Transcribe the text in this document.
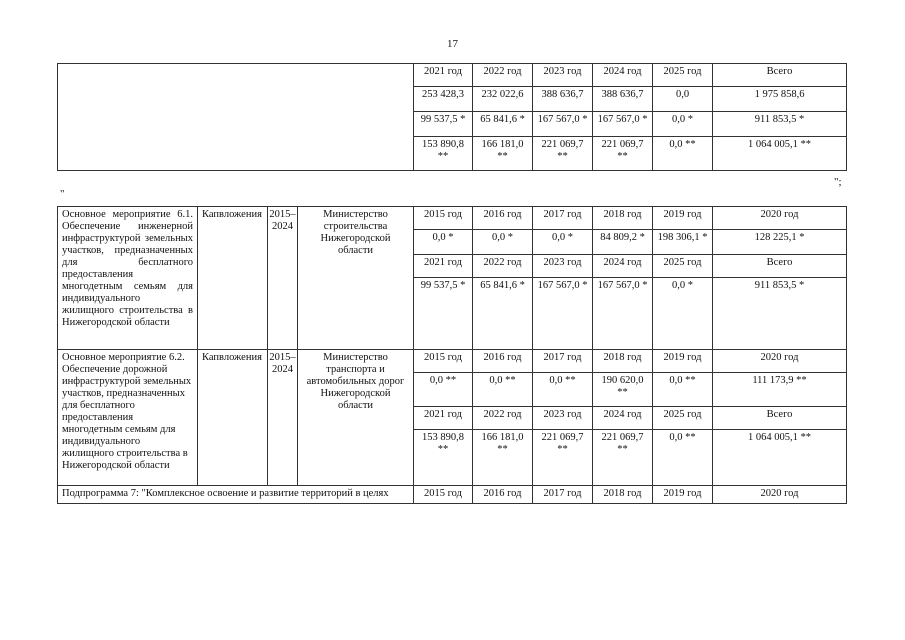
17
	2021 год	2022 год	2023 год	2024 год	2025 год	Всего
	253 428,3	232 022,6	388 636,7	388 636,7	0,0	1 975 858,6
	99 537,5 *	65 841,6 *	167 567,0 *	167 567,0 *	0,0 *	911 853,5 *
	153 890,8 **	166 181,0 **	221 069,7 **	221 069,7 **	0,0 **	1 064 005,1 **
";
"
Основное мероприятие 6.1. Обеспечение инженерной инфраструктурой земельных участков, предназначенных для бесплатного предоставления многодетным семьям для индивидуального жилищного строительства в Нижегородской области	Капвложения	2015–2024	Министерство строительства Нижегородской области	2015 год	2016 год	2017 год	2018 год	2019 год	2020 год
				0,0 *	0,0 *	0,0 *	84 809,2 *	198 306,1 *	128 225,1 *
				2021 год	2022 год	2023 год	2024 год	2025 год	Всего
				99 537,5 *	65 841,6 *	167 567,0 *	167 567,0 *	0,0 *	911 853,5 *
Основное мероприятие 6.2. Обеспечение дорожной инфраструктурой земельных участков, предназначенных для бесплатного предоставления многодетным семьям для индивидуального жилищного строительства в Нижегородской области	Капвложения	2015–2024	Министерство транспорта и автомобильных дорог Нижегородской области	2015 год	2016 год	2017 год	2018 год	2019 год	2020 год
				0,0 **	0,0 **	0,0 **	190 620,0 **	0,0 **	111 173,9 **
				2021 год	2022 год	2023 год	2024 год	2025 год	Всего
				153 890,8 **	166 181,0 **	221 069,7 **	221 069,7 **	0,0 **	1 064 005,1 **
Подпрограмма 7: "Комплексное освоение и развитие территорий в целях				2015 год	2016 год	2017 год	2018 год	2019 год	2020 год
